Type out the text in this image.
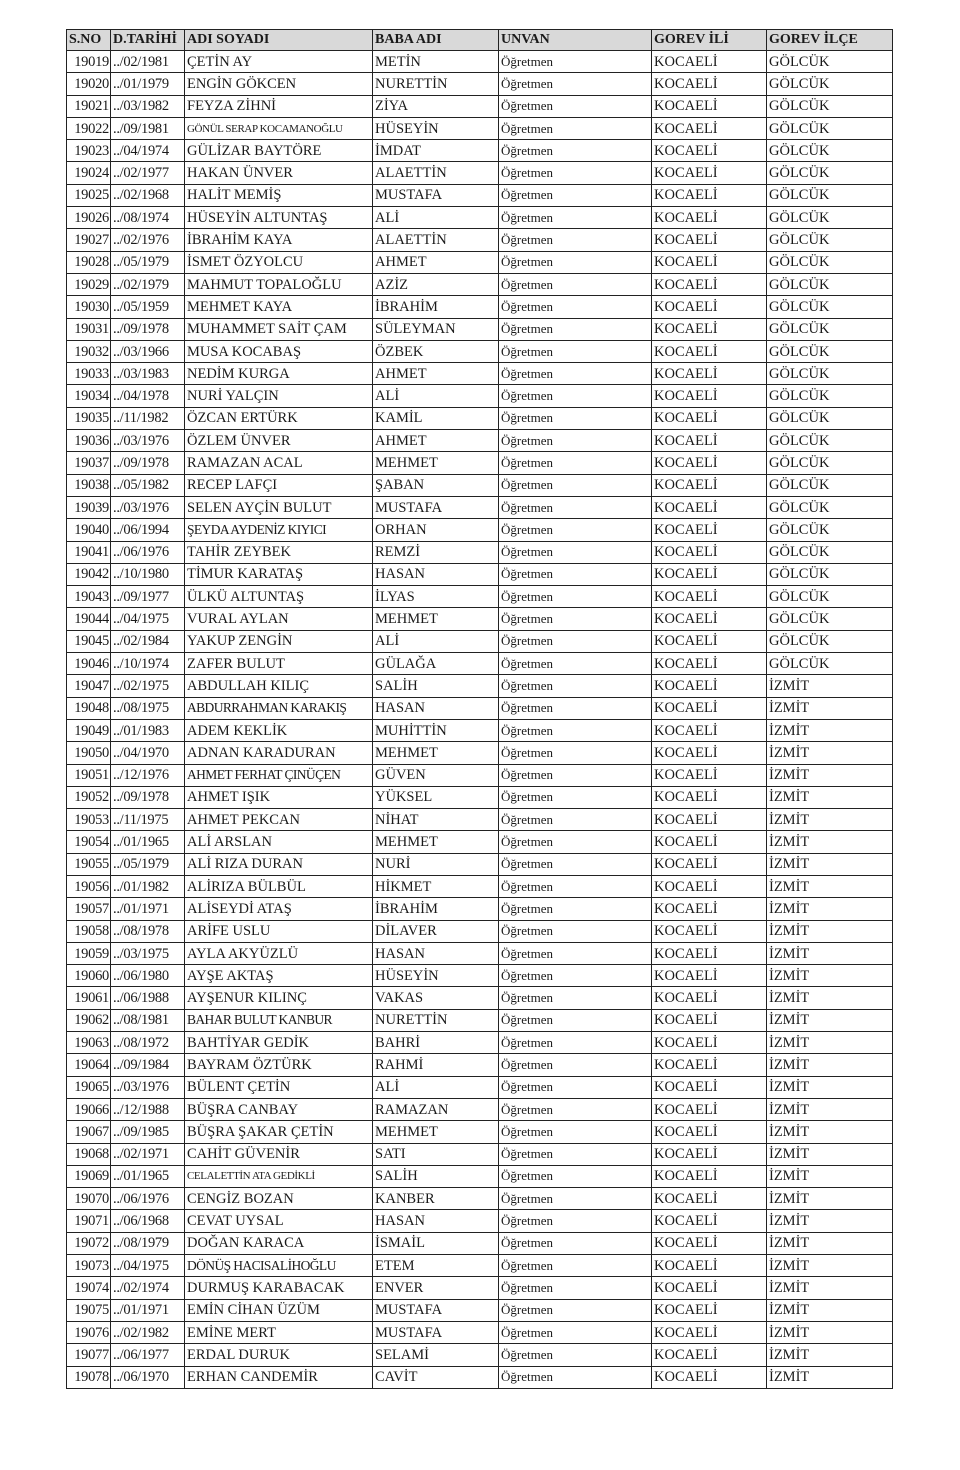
S.NO	D.TARİHİ	ADI SOYADI	BABA ADI	UNVAN	GOREV İLİ	GOREV İLÇE
19019	../02/1981	ÇETİN AY	METİN	Öğretmen	KOCAELİ	GÖLCÜK
19020	../01/1979	ENGİN GÖKCEN	NURETTİN	Öğretmen	KOCAELİ	GÖLCÜK
19021	../03/1982	FEYZA ZİHNİ	ZİYA	Öğretmen	KOCAELİ	GÖLCÜK
19022	../09/1981	GÖNÜL SERAP KOCAMANOĞLU	HÜSEYİN	Öğretmen	KOCAELİ	GÖLCÜK
19023	../04/1974	GÜLİZAR BAYTÖRE	İMDAT	Öğretmen	KOCAELİ	GÖLCÜK
19024	../02/1977	HAKAN ÜNVER	ALAETTİN	Öğretmen	KOCAELİ	GÖLCÜK
19025	../02/1968	HALİT MEMİŞ	MUSTAFA	Öğretmen	KOCAELİ	GÖLCÜK
19026	../08/1974	HÜSEYİN ALTUNTAŞ	ALİ	Öğretmen	KOCAELİ	GÖLCÜK
19027	../02/1976	İBRAHİM KAYA	ALAETTİN	Öğretmen	KOCAELİ	GÖLCÜK
19028	../05/1979	İSMET ÖZYOLCU	AHMET	Öğretmen	KOCAELİ	GÖLCÜK
19029	../02/1979	MAHMUT TOPALOĞLU	AZİZ	Öğretmen	KOCAELİ	GÖLCÜK
19030	../05/1959	MEHMET KAYA	İBRAHİM	Öğretmen	KOCAELİ	GÖLCÜK
19031	../09/1978	MUHAMMET SAİT ÇAM	SÜLEYMAN	Öğretmen	KOCAELİ	GÖLCÜK
19032	../03/1966	MUSA KOCABAŞ	ÖZBEK	Öğretmen	KOCAELİ	GÖLCÜK
19033	../03/1983	NEDİM KURGA	AHMET	Öğretmen	KOCAELİ	GÖLCÜK
19034	../04/1978	NURİ YALÇIN	ALİ	Öğretmen	KOCAELİ	GÖLCÜK
19035	../11/1982	ÖZCAN ERTÜRK	KAMİL	Öğretmen	KOCAELİ	GÖLCÜK
19036	../03/1976	ÖZLEM ÜNVER	AHMET	Öğretmen	KOCAELİ	GÖLCÜK
19037	../09/1978	RAMAZAN ACAL	MEHMET	Öğretmen	KOCAELİ	GÖLCÜK
19038	../05/1982	RECEP LAFÇI	ŞABAN	Öğretmen	KOCAELİ	GÖLCÜK
19039	../03/1976	SELEN AYÇİN BULUT	MUSTAFA	Öğretmen	KOCAELİ	GÖLCÜK
19040	../06/1994	ŞEYDA AYDENİZ KIYICI	ORHAN	Öğretmen	KOCAELİ	GÖLCÜK
19041	../06/1976	TAHİR ZEYBEK	REMZİ	Öğretmen	KOCAELİ	GÖLCÜK
19042	../10/1980	TİMUR KARATAŞ	HASAN	Öğretmen	KOCAELİ	GÖLCÜK
19043	../09/1977	ÜLKÜ ALTUNTAŞ	İLYAS	Öğretmen	KOCAELİ	GÖLCÜK
19044	../04/1975	VURAL AYLAN	MEHMET	Öğretmen	KOCAELİ	GÖLCÜK
19045	../02/1984	YAKUP ZENGİN	ALİ	Öğretmen	KOCAELİ	GÖLCÜK
19046	../10/1974	ZAFER BULUT	GÜLAĞA	Öğretmen	KOCAELİ	GÖLCÜK
19047	../02/1975	ABDULLAH KILIÇ	SALİH	Öğretmen	KOCAELİ	İZMİT
19048	../08/1975	ABDURRAHMAN KARAKIŞ	HASAN	Öğretmen	KOCAELİ	İZMİT
19049	../01/1983	ADEM KEKLİK	MUHİTTİN	Öğretmen	KOCAELİ	İZMİT
19050	../04/1970	ADNAN KARADURAN	MEHMET	Öğretmen	KOCAELİ	İZMİT
19051	../12/1976	AHMET FERHAT ÇINÜÇEN	GÜVEN	Öğretmen	KOCAELİ	İZMİT
19052	../09/1978	AHMET IŞIK	YÜKSEL	Öğretmen	KOCAELİ	İZMİT
19053	../11/1975	AHMET PEKCAN	NİHAT	Öğretmen	KOCAELİ	İZMİT
19054	../01/1965	ALİ ARSLAN	MEHMET	Öğretmen	KOCAELİ	İZMİT
19055	../05/1979	ALİ RIZA DURAN	NURİ	Öğretmen	KOCAELİ	İZMİT
19056	../01/1982	ALİRIZA BÜLBÜL	HİKMET	Öğretmen	KOCAELİ	İZMİT
19057	../01/1971	ALİSEYDİ ATAŞ	İBRAHİM	Öğretmen	KOCAELİ	İZMİT
19058	../08/1978	ARİFE USLU	DİLAVER	Öğretmen	KOCAELİ	İZMİT
19059	../03/1975	AYLA AKYÜZLÜ	HASAN	Öğretmen	KOCAELİ	İZMİT
19060	../06/1980	AYŞE AKTAŞ	HÜSEYİN	Öğretmen	KOCAELİ	İZMİT
19061	../06/1988	AYŞENUR KILINÇ	VAKAS	Öğretmen	KOCAELİ	İZMİT
19062	../08/1981	BAHAR BULUT KANBUR	NURETTİN	Öğretmen	KOCAELİ	İZMİT
19063	../08/1972	BAHTİYAR GEDİK	BAHRİ	Öğretmen	KOCAELİ	İZMİT
19064	../09/1984	BAYRAM ÖZTÜRK	RAHMİ	Öğretmen	KOCAELİ	İZMİT
19065	../03/1976	BÜLENT ÇETİN	ALİ	Öğretmen	KOCAELİ	İZMİT
19066	../12/1988	BÜŞRA CANBAY	RAMAZAN	Öğretmen	KOCAELİ	İZMİT
19067	../09/1985	BÜŞRA ŞAKAR ÇETİN	MEHMET	Öğretmen	KOCAELİ	İZMİT
19068	../02/1971	CAHİT GÜVENİR	SATI	Öğretmen	KOCAELİ	İZMİT
19069	../01/1965	CELALETTİN ATA GEDİKLİ	SALİH	Öğretmen	KOCAELİ	İZMİT
19070	../06/1976	CENGİZ BOZAN	KANBER	Öğretmen	KOCAELİ	İZMİT
19071	../06/1968	CEVAT UYSAL	HASAN	Öğretmen	KOCAELİ	İZMİT
19072	../08/1979	DOĞAN KARACA	İSMAİL	Öğretmen	KOCAELİ	İZMİT
19073	../04/1975	DÖNÜŞ HACISALİHOĞLU	ETEM	Öğretmen	KOCAELİ	İZMİT
19074	../02/1974	DURMUŞ KARABACAK	ENVER	Öğretmen	KOCAELİ	İZMİT
19075	../01/1971	EMİN CİHAN ÜZÜM	MUSTAFA	Öğretmen	KOCAELİ	İZMİT
19076	../02/1982	EMİNE MERT	MUSTAFA	Öğretmen	KOCAELİ	İZMİT
19077	../06/1977	ERDAL DURUK	SELAMİ	Öğretmen	KOCAELİ	İZMİT
19078	../06/1970	ERHAN CANDEMİR	CAVİT	Öğretmen	KOCAELİ	İZMİT
